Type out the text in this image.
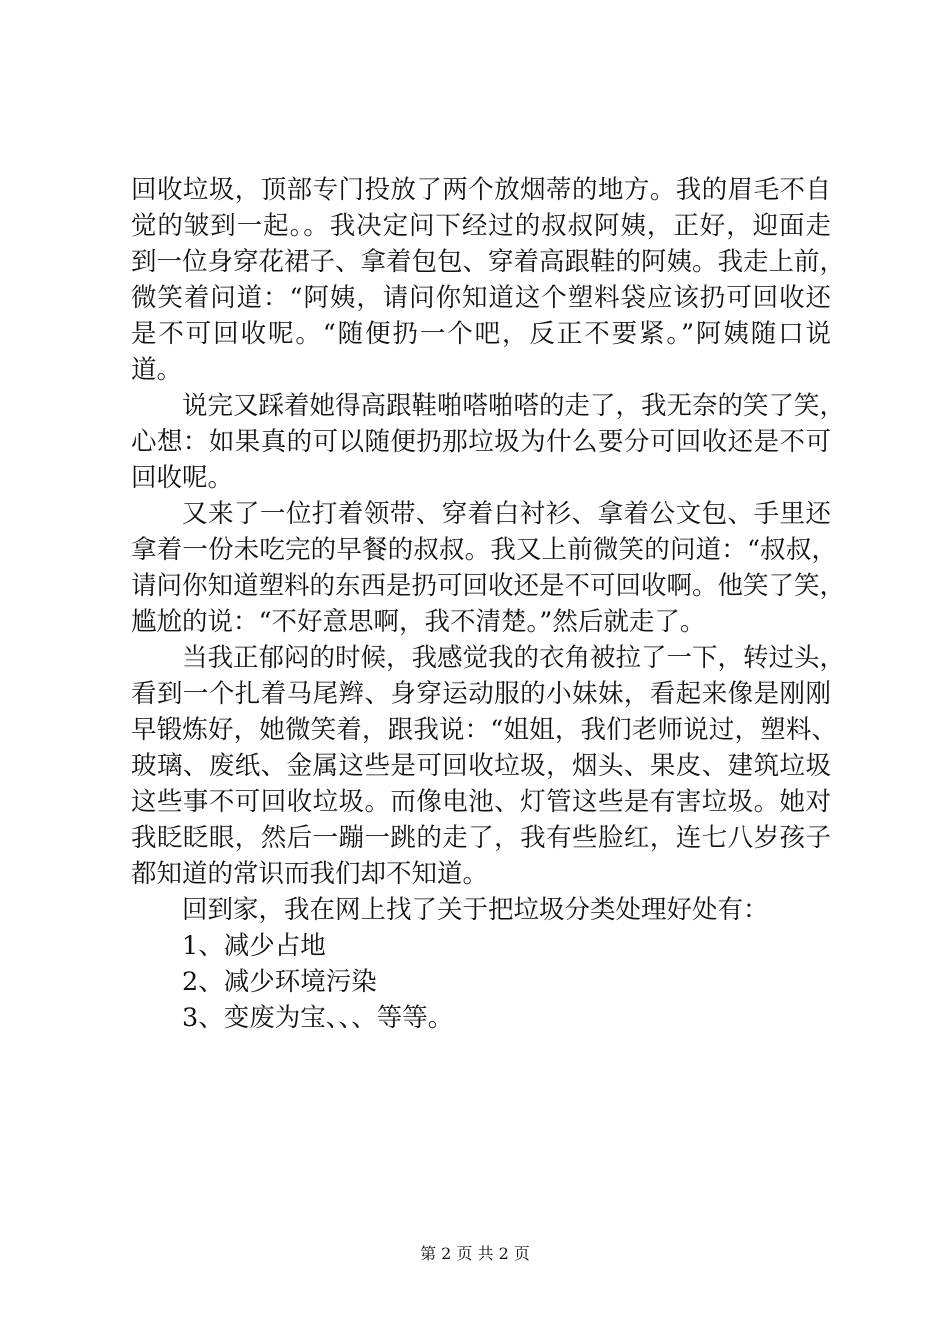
回收垃圾，顶部专门投放了两个放烟蒂的地方。我的眉毛不自

觉的皱到一起。。我决定问下经过的叔叔阿姨，正好，迎面走

到一位身穿花裙子、拿着包包、穿着高跟鞋的阿姨。我走上前，

微笑着问道：“阿姨，请问你知道这个塑料袋应该扔可回收还

是不可回收呢。“随便扔一个吧，反正不要紧。”阿姨随口说

道。

说完又踩着她得高跟鞋啪嗒啪嗒的走了，我无奈的笑了笑，

心想：如果真的可以随便扔那垃圾为什么要分可回收还是不可

回收呢。

又来了一位打着领带、穿着白衬衫、拿着公文包、手里还

拿着一份未吃完的早餐的叔叔。我又上前微笑的问道：“叔叔，

请问你知道塑料的东西是扔可回收还是不可回收啊。他笑了笑，

尴尬的说：“不好意思啊，我不清楚。”然后就走了。

当我正郁闷的时候，我感觉我的衣角被拉了一下，转过头，

看到一个扎着马尾辫、身穿运动服的小妹妹，看起来像是刚刚

早锻炼好，她微笑着，跟我说：“姐姐，我们老师说过，塑料、

玻璃、废纸、金属这些是可回收垃圾，烟头、果皮、建筑垃圾

这些事不可回收垃圾。而像电池、灯管这些是有害垃圾。她对

我眨眨眼，然后一蹦一跳的走了，我有些脸红，连七八岁孩子

都知道的常识而我们却不知道。

回到家，我在网上找了关于把垃圾分类处理好处有：

1、减少占地

2、减少环境污染

3、变废为宝、、、等等。

第 2 页 共 2 页
